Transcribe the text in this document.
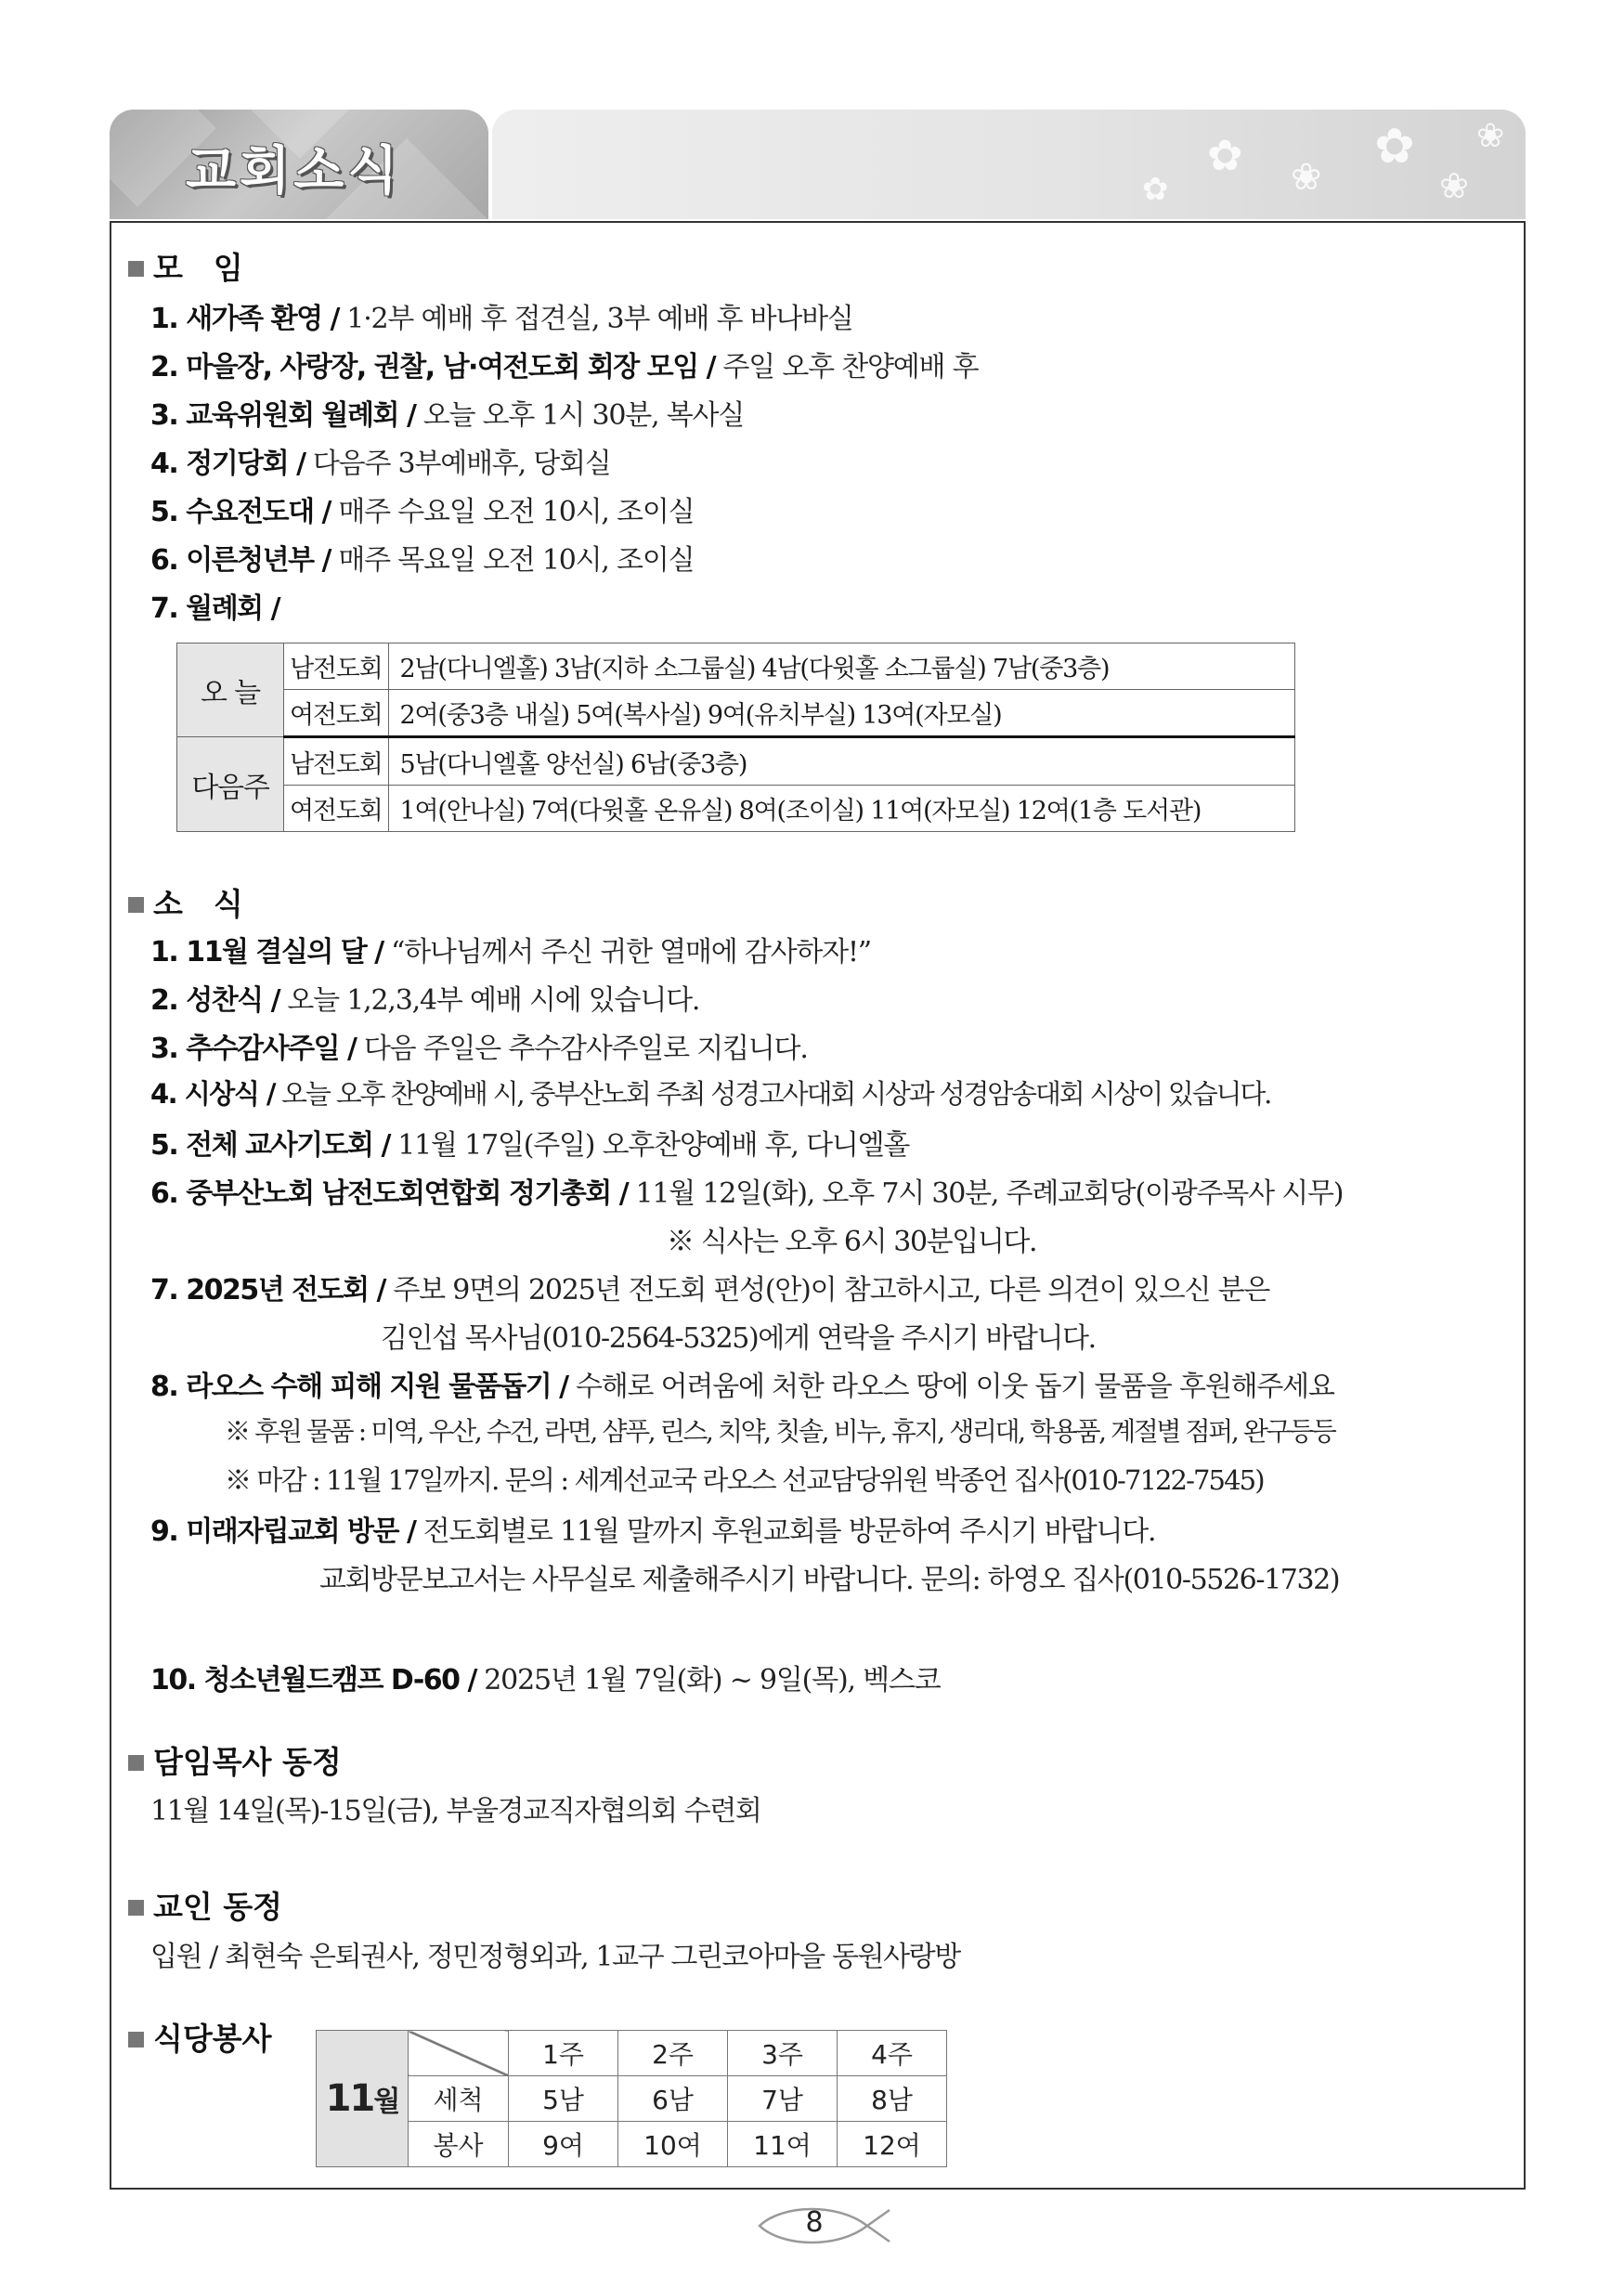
교회소식	✿ ❀
✿
❀
✿
❀
모　임
1. 새가족 환영 / 1·2부 예배 후 접견실, 3부 예배 후 바나바실
2. 마을장, 사랑장, 권찰, 남·여전도회 회장 모임 / 주일 오후 찬양예배 후
3. 교육위원회 월례회 / 오늘 오후 1시 30분, 복사실
4. 정기당회 / 다음주 3부예배후, 당회실
5. 수요전도대 / 매주 수요일 오전 10시, 조이실
6. 이른청년부 / 매주 목요일 오전 10시, 조이실
7. 월례회 /
오 늘	남전도회	2남(다니엘홀) 3남(지하 소그룹실) 4남(다윗홀 소그룹실) 7남(중3층)
	여전도회	2여(중3층 내실) 5여(복사실) 9여(유치부실) 13여(자모실)
다음주	남전도회	5남(다니엘홀 양선실) 6남(중3층)
	여전도회	1여(안나실) 7여(다윗홀 온유실) 8여(조이실) 11여(자모실) 12여(1층 도서관)
소　식
1. 11월 결실의 달 / “하나님께서 주신 귀한 열매에 감사하자!”
2. 성찬식 / 오늘 1,2,3,4부 예배 시에 있습니다.
3. 추수감사주일 / 다음 주일은 추수감사주일로 지킵니다.
4. 시상식 / 오늘 오후 찬양예배 시, 중부산노회 주최 성경고사대회 시상과 성경암송대회 시상이 있습니다.
5. 전체 교사기도회 / 11월 17일(주일) 오후찬양예배 후, 다니엘홀
6. 중부산노회 남전도회연합회 정기총회 / 11월 12일(화), 오후 7시 30분, 주례교회당(이광주목사 시무)
※ 식사는 오후 6시 30분입니다.
7. 2025년 전도회 / 주보 9면의 2025년 전도회 편성(안)이 참고하시고, 다른 의견이 있으신 분은
김인섭 목사님(010-2564-5325)에게 연락을 주시기 바랍니다.
8. 라오스 수해 피해 지원 물품돕기 / 수해로 어려움에 처한 라오스 땅에 이웃 돕기 물품을 후원해주세요
※ 후원 물품 : 미역, 우산, 수건, 라면, 샴푸, 린스, 치약, 칫솔, 비누, 휴지, 생리대, 학용품, 계절별 점퍼, 완구등등
※ 마감 : 11월 17일까지. 문의 : 세계선교국 라오스 선교담당위원 박종언 집사(010-7122-7545)
9. 미래자립교회 방문 / 전도회별로 11월 말까지 후원교회를 방문하여 주시기 바랍니다.
교회방문보고서는 사무실로 제출해주시기 바랍니다. 문의: 하영오 집사(010-5526-1732)
10. 청소년월드캠프 D-60 / 2025년 1월 7일(화) ~ 9일(목), 벡스코
담임목사 동정
11월 14일(목)-15일(금), 부울경교직자협의회 수련회
교인 동정
입원 / 최현숙 은퇴권사, 정민정형외과, 1교구 그린코아마을 동원사랑방
식당봉사
11월		1주	2주	3주	4주
	세척	5남	6남	7남	8남
	봉사	9여	10여	11여	12여
8
